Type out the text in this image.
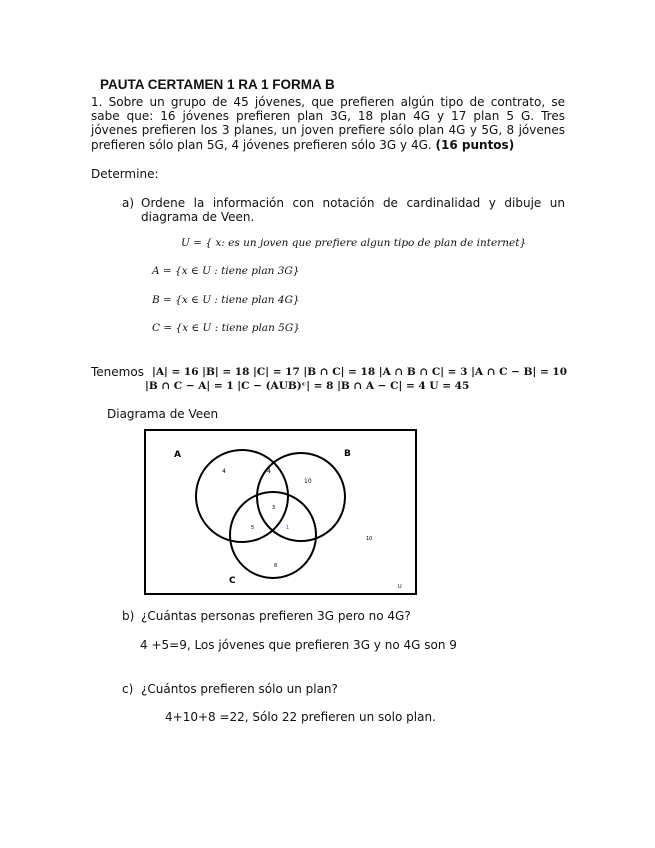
PAUTA CERTAMEN 1 RA 1 FORMA B
1. Sobre un grupo de 45 jóvenes, que prefieren algún tipo de contrato, se sabe que: 16 jóvenes prefieren plan 3G, 18 plan 4G y 17 plan 5 G. Tres jóvenes prefieren los 3 planes, un joven prefiere sólo plan 4G y 5G, 8 jóvenes prefieren sólo plan 5G, 4 jóvenes prefieren sólo 3G y 4G. (16 puntos)
Determine:
a) Ordene la información con notación de cardinalidad y dibuje un diagrama de Veen.
U = { x: es un joven que prefiere algun tipo de plan de internet}
A = {x ∈ U : tiene plan 3G}
B = {x ∈ U : tiene plan 4G}
C = {x ∈ U : tiene plan 5G}
Tenemos |A| = 16 |B| = 18 |C| = 17 |B ∩ C| = 18 |A ∩ B ∩ C| = 3 |A ∩ C − B| = 10
|B ∩ C − A| = 1 |C − (AUB)ᶜ| = 8 |B ∩ A − C| = 4 U = 45
Diagrama de Veen
A	B
C
U
4	4
10
3
5	1
8
10
b) ¿Cuántas personas prefieren 3G pero no 4G?
4 +5=9, Los jóvenes que prefieren 3G y no 4G son 9
c) ¿Cuántos prefieren sólo un plan?
4+10+8 =22, Sólo 22 prefieren un solo plan.
